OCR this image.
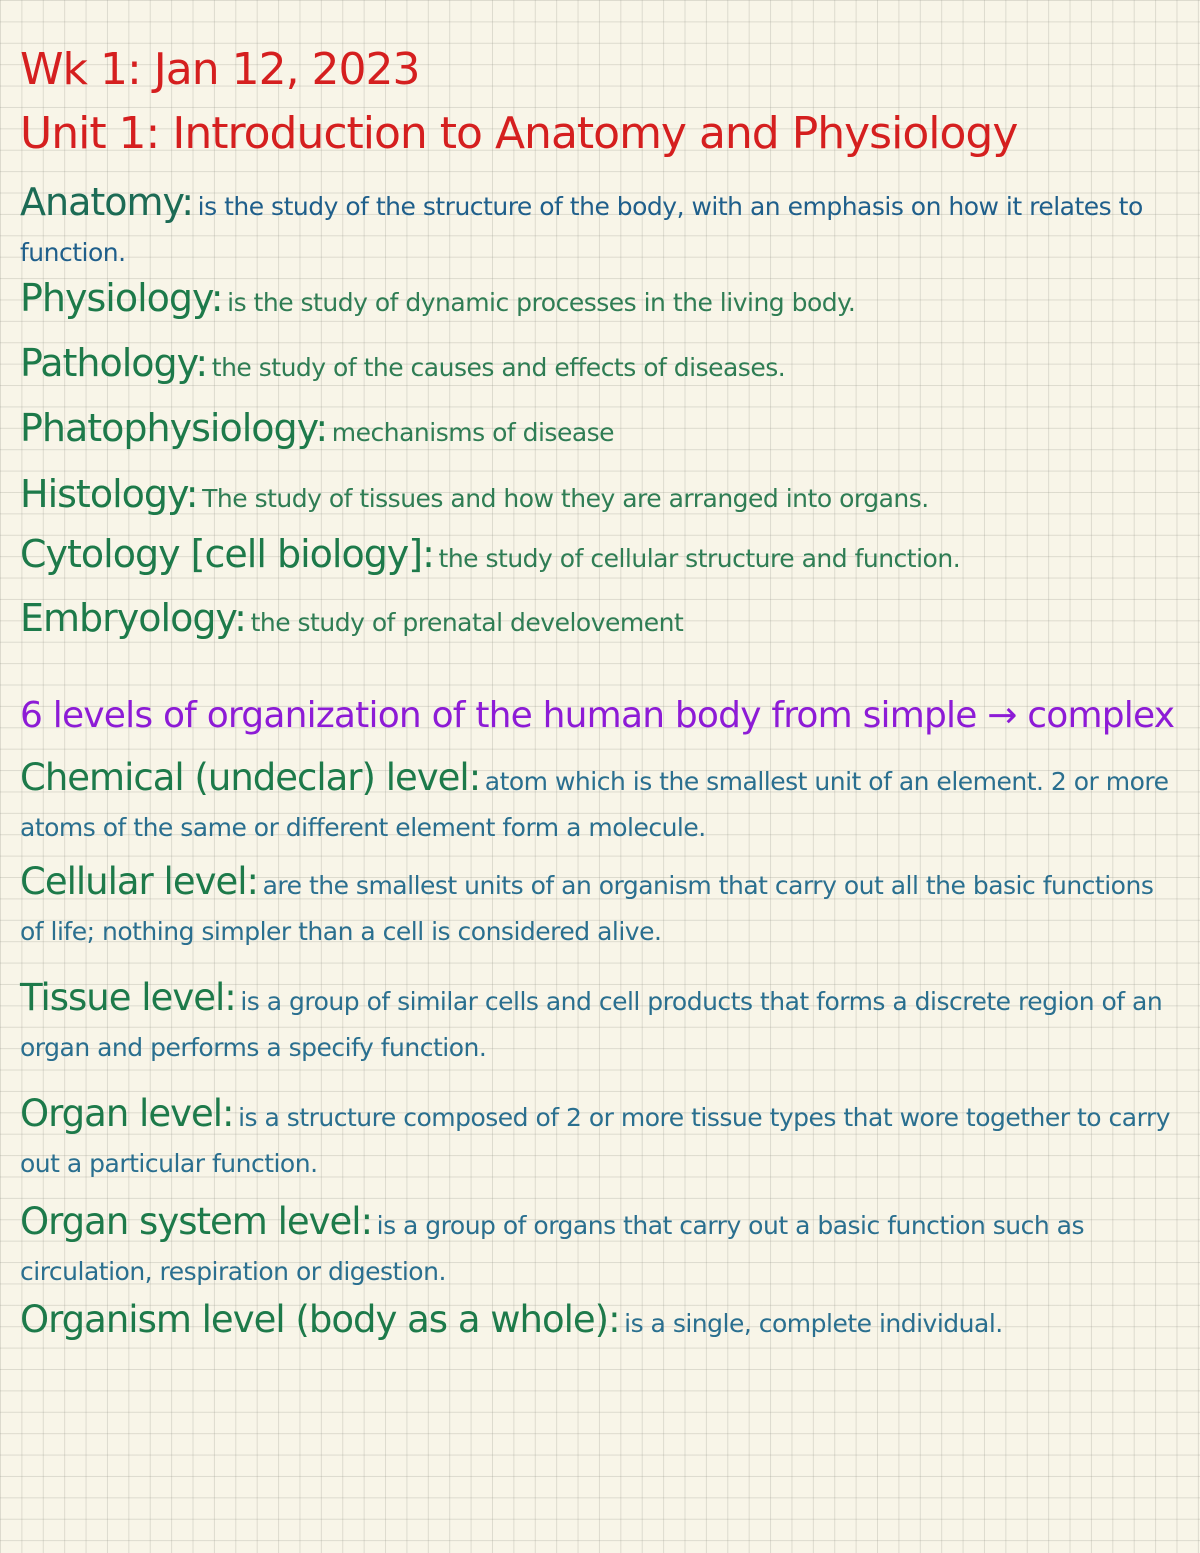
Wk 1: Jan 12, 2023
Unit 1: Introduction to Anatomy and Physiology
Anatomy: is the study of the structure of the body, with an emphasis on how it relates to function.
Physiology: is the study of dynamic processes in the living body.
Pathology: the study of the causes and effects of diseases.
Phatophysiology: mechanisms of disease
Histology: The study of tissues and how they are arranged into organs.
Cytology [cell biology]: the study of cellular structure and function.
Embryology: the study of prenatal develovement
6 levels of organization of the human body from simple → complex
Chemical (undeclar) level: atom which is the smallest unit of an element. 2 or more atoms of the same or different element form a molecule.
Cellular level: are the smallest units of an organism that carry out all the basic functions of life; nothing simpler than a cell is considered alive.
Tissue level: is a group of similar cells and cell products that forms a discrete region of an organ and performs a specify function.
Organ level: is a structure composed of 2 or more tissue types that wore together to carry out a particular function.
Organ system level: is a group of organs that carry out a basic function such as circulation, respiration or digestion.
Organism level (body as a whole): is a single, complete individual.
